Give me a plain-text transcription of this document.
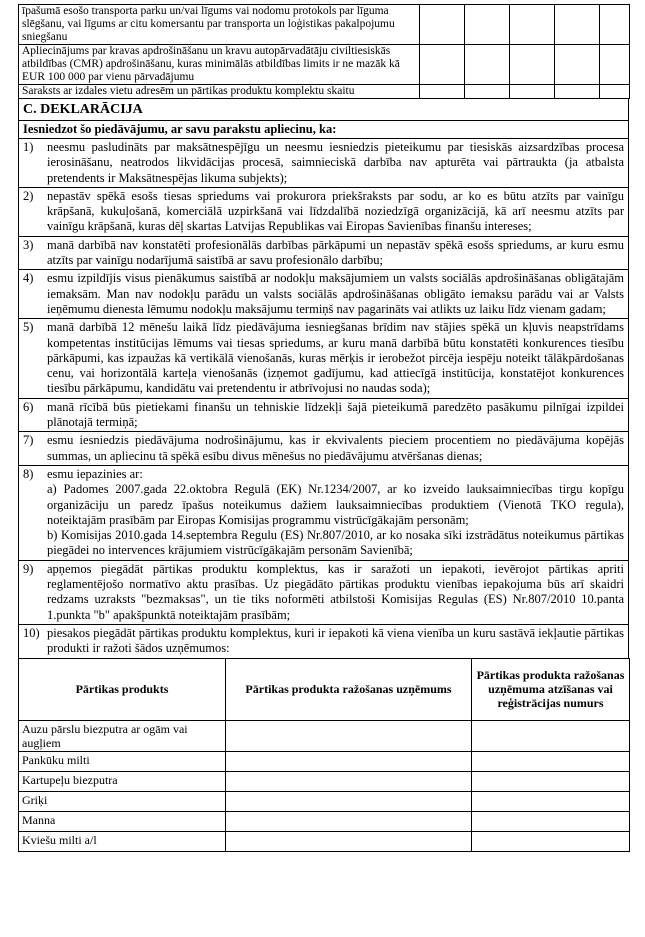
īpašumā esošo transporta parku un/vai līgums vai nodomu protokols par līguma slēgšanu, vai līgums ar citu komersantu par transporta un loģistikas pakalpojumu sniegšanu					
Apliecinājums par kravas apdrošināšanu un kravu autopārvadātāju civiltiesiskās atbildības (CMR) apdrošināšanu, kuras minimālās atbildības limits ir ne mazāk kā EUR 100 000 par vienu pārvadājumu					
Saraksts ar izdales vietu adresēm un pārtikas produktu komplektu skaitu					
C. DEKLARĀCIJA
Iesniedzot šo piedāvājumu, ar savu parakstu apliecinu, ka:

1)	neesmu pasludināts par maksātnespējīgu un neesmu iesniedzis pieteikumu par tiesiskās aizsardzības procesa ierosināšanu, neatrodos likvidācijas procesā, saimnieciskā darbība nav apturēta vai pārtraukta (ja atbalsta pretendents ir Maksātnespējas likuma subjekts);

2)	nepastāv spēkā esošs tiesas spriedums vai prokurora priekšraksts par sodu, ar ko es būtu atzīts par vainīgu krāpšanā, kukuļošanā, komerciālā uzpirkšanā vai līdzdalībā noziedzīgā organizācijā, kā arī neesmu atzīts par vainīgu krāpšanā, kuras dēļ skartas Latvijas Republikas vai Eiropas Savienības finanšu intereses;

3)	manā darbībā nav konstatēti profesionālās darbības pārkāpumi un nepastāv spēkā esošs spriedums, ar kuru esmu atzīts par vainīgu nodarījumā saistībā ar savu profesionālo darbību;

4)	esmu izpildījis visus pienākumus saistībā ar nodokļu maksājumiem un valsts sociālās apdrošināšanas obligātajām iemaksām. Man nav nodokļu parādu un valsts sociālās apdrošināšanas obligāto iemaksu parādu vai ar Valsts ieņēmumu dienesta lēmumu nodokļu maksājumu termiņš nav pagarināts vai atlikts uz laiku līdz vienam gadam;

5)	manā darbībā 12 mēnešu laikā līdz piedāvājuma iesniegšanas brīdim nav stājies spēkā un kļuvis neapstrīdams kompetentas institūcijas lēmums vai tiesas spriedums, ar kuru manā darbībā būtu konstatēti konkurences tiesību pārkāpumi, kas izpaužas kā vertikālā vienošanās, kuras mērķis ir ierobežot pircēja iespēju noteikt tālākpārdošanas cenu, vai horizontālā karteļa vienošanās (izņemot gadījumu, kad attiecīgā institūcija, konstatējot konkurences tiesību pārkāpumu, kandidātu vai pretendentu ir atbrīvojusi no naudas soda);

6)	manā rīcībā būs pietiekami finanšu un tehniskie līdzekļi šajā pieteikumā paredzēto pasākumu pilnīgai izpildei plānotajā termiņā;

7)	esmu iesniedzis piedāvājuma nodrošinājumu, kas ir ekvivalents pieciem procentiem no piedāvājuma kopējās summas, un apliecinu tā spēkā esību divus mēnešus no piedāvājumu atvēršanas dienas;

8)	esmu iepazinies ar:
a) Padomes 2007.gada 22.oktobra Regulā (EK) Nr.1234/2007, ar ko izveido lauksaimniecības tirgu kopīgu organizāciju un paredz īpašus noteikumus dažiem lauksaimniecības produktiem (Vienotā TKO regula), noteiktajām prasībām par Eiropas Komisijas programmu vistrūcīgākajām personām;
b) Komisijas 2010.gada 14.septembra Regulu (ES) Nr.807/2010, ar ko nosaka sīki izstrādātus noteikumus pārtikas piegādei no intervences krājumiem vistrūcīgākajām personām Savienībā;

9)	apņemos piegādāt pārtikas produktu komplektus, kas ir saražoti un iepakoti, ievērojot pārtikas apriti reglamentējošo normatīvo aktu prasības. Uz piegādāto pārtikas produktu vienības iepakojuma būs arī skaidri redzams uzraksts "bezmaksas", un tie tiks noformēti atbilstoši Komisijas Regulas (ES) Nr.807/2010 10.panta 1.punkta "b" apakšpunktā noteiktajām prasībām;

10) piesakos piegādāt pārtikas produktu komplektus, kuri ir iepakoti kā viena vienība un kuru sastāvā iekļautie pārtikas produkti ir ražoti šādos uzņēmumos:
Pārtikas produkts	Pārtikas produkta ražošanas uzņēmums	Pārtikas produkta ražošanas uzņēmuma atzīšanas vai reģistrācijas numurs
Auzu pārslu biezputra ar ogām vai augļiem		
Pankūku milti		
Kartupeļu biezputra		
Griķi		
Manna		
Kviešu milti a/l		
